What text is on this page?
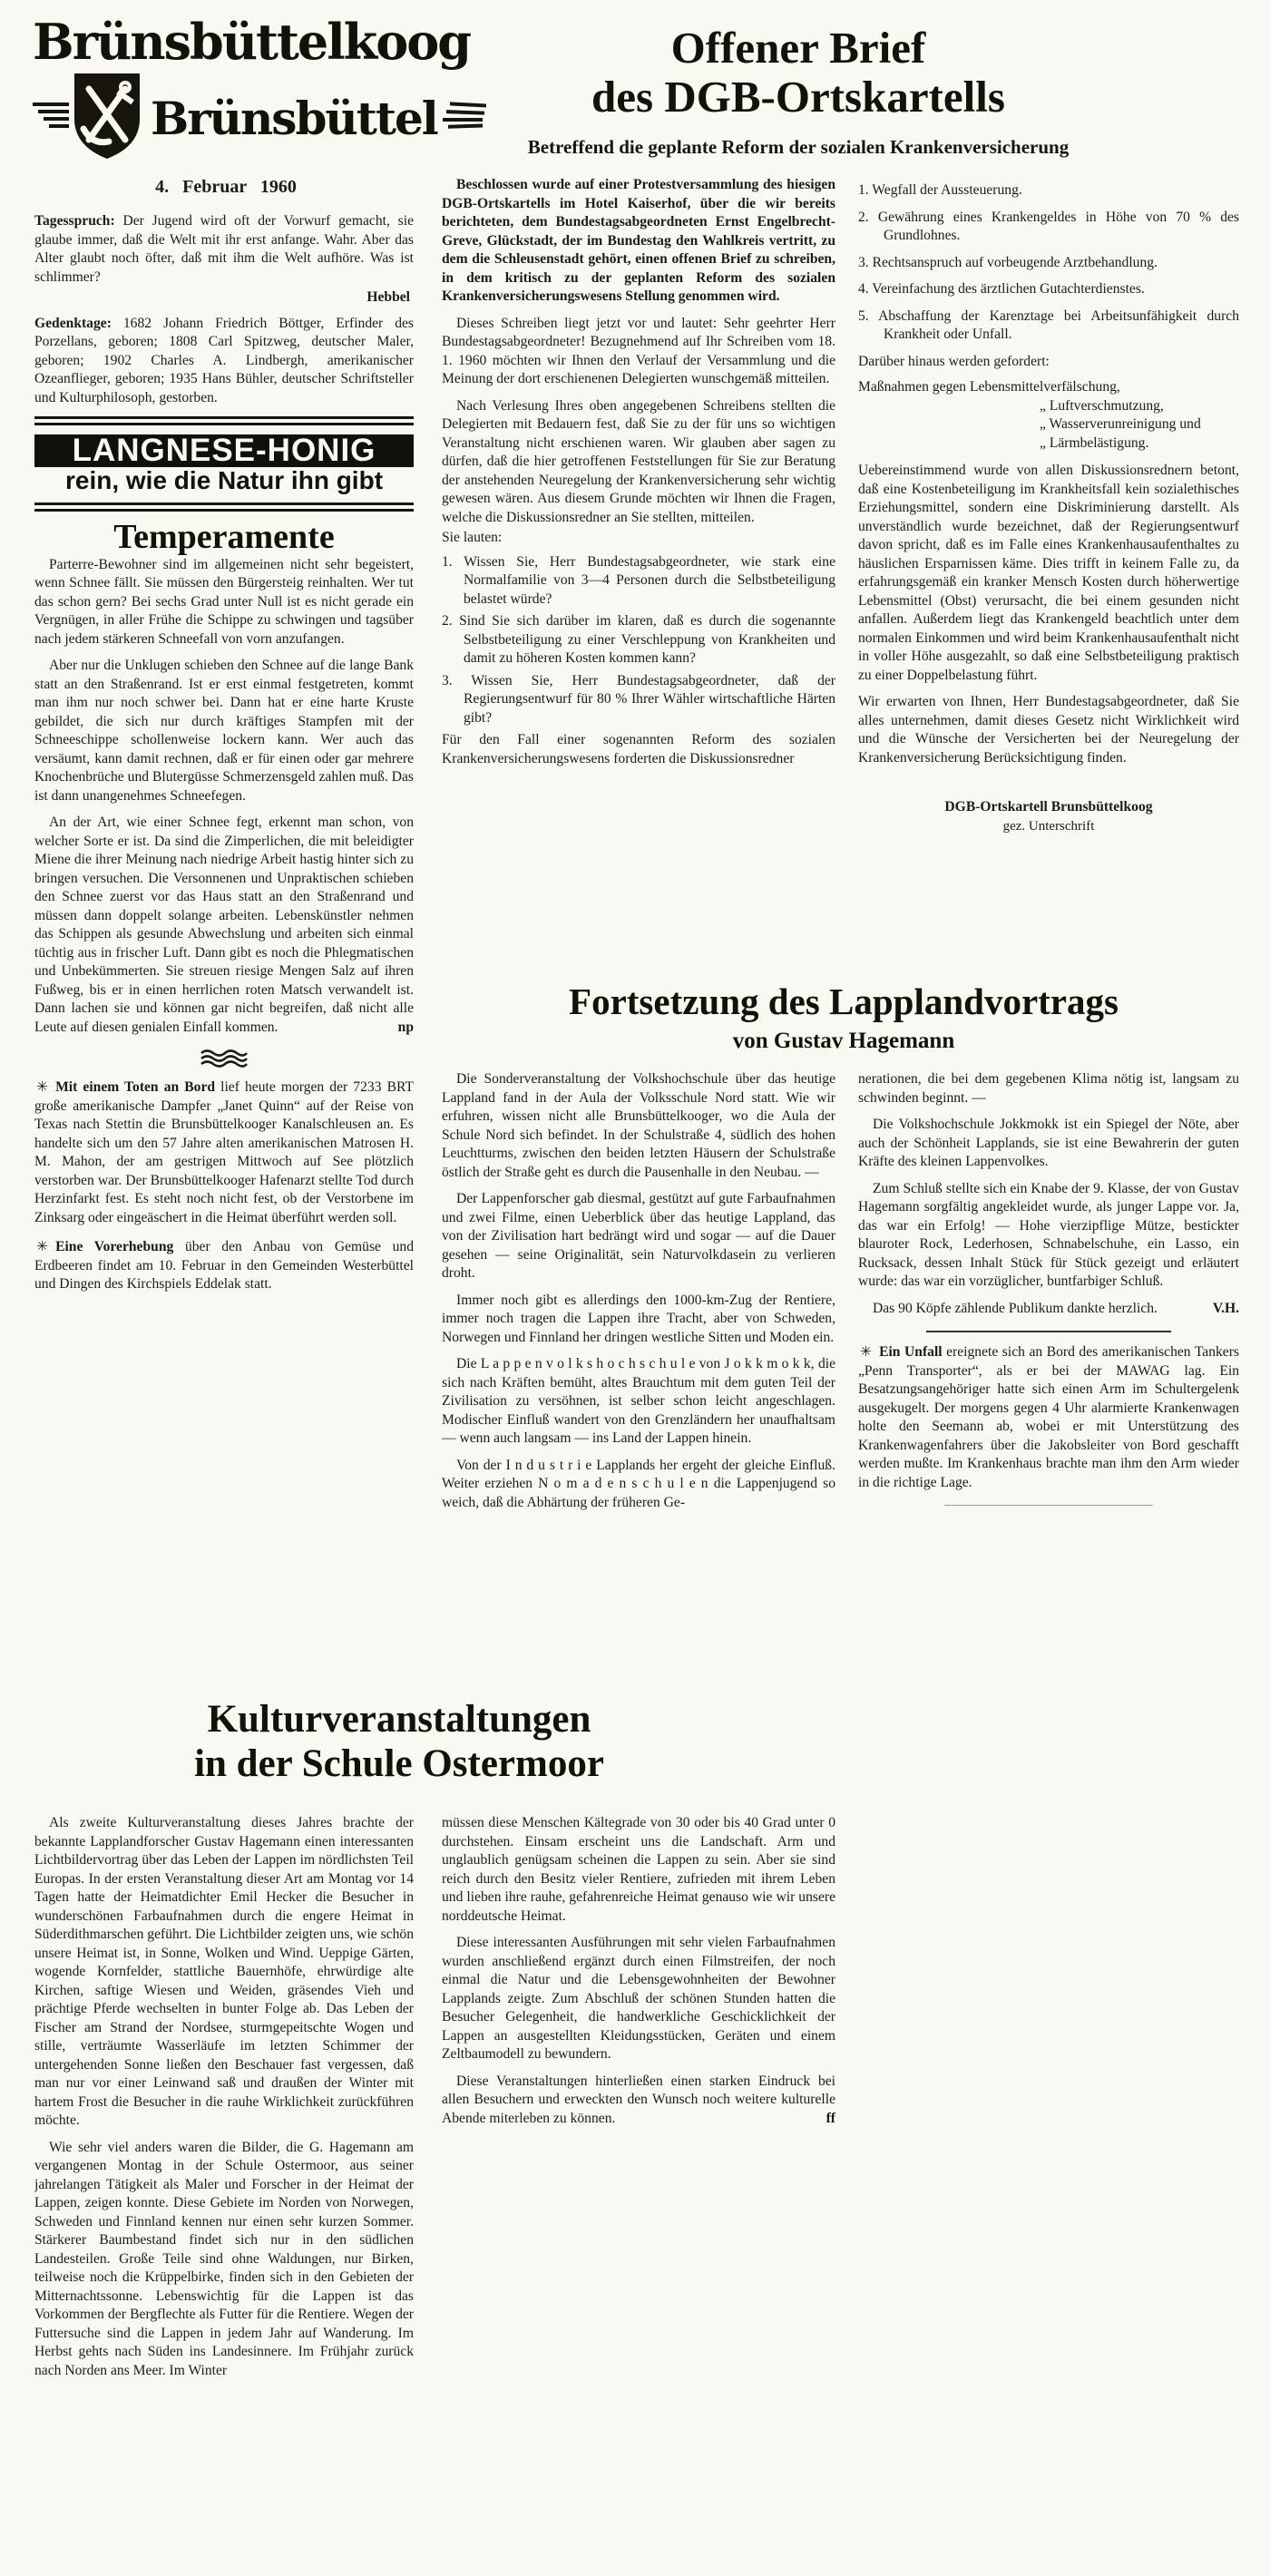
Brünsbüttelkoog
Brünsbüttel
4. Februar 1960

Tagesspruch: Der Jugend wird oft der Vorwurf gemacht, sie glaube immer, daß die Welt mit ihr erst anfange. Wahr. Aber das Alter glaubt noch öfter, daß mit ihm die Welt aufhöre. Was ist schlimmer?

Hebbel

Gedenktage: 1682 Johann Friedrich Böttger, Erfinder des Porzellans, geboren; 1808 Carl Spitzweg, deutscher Maler, geboren; 1902 Charles A. Lindbergh, amerikanischer Ozeanflieger, geboren; 1935 Hans Bühler, deutscher Schriftsteller und Kulturphilosoph, gestorben.

LANGNESE-HONIG
rein, wie die Natur ihn gibt
Temperamente

Parterre-Bewohner sind im allgemeinen nicht sehr begeistert, wenn Schnee fällt. Sie müssen den Bürgersteig reinhalten. Wer tut das schon gern? Bei sechs Grad unter Null ist es nicht gerade ein Vergnügen, in aller Frühe die Schippe zu schwingen und tagsüber nach jedem stärkeren Schneefall von vorn anzufangen.

Aber nur die Unklugen schieben den Schnee auf die lange Bank statt an den Straßenrand. Ist er erst einmal festgetreten, kommt man ihm nur noch schwer bei. Dann hat er eine harte Kruste gebildet, die sich nur durch kräftiges Stampfen mit der Schneeschippe schollenweise lockern kann. Wer auch das versäumt, kann damit rechnen, daß er für einen oder gar mehrere Knochenbrüche und Blutergüsse Schmerzensgeld zahlen muß. Das ist dann unangenehmes Schneefegen.

An der Art, wie einer Schnee fegt, erkennt man schon, von welcher Sorte er ist. Da sind die Zimperlichen, die mit beleidigter Miene die ihrer Meinung nach niedrige Arbeit hastig hinter sich zu bringen versuchen. Die Versonnenen und Unpraktischen schieben den Schnee zuerst vor das Haus statt an den Straßenrand und müssen dann doppelt solange arbeiten. Lebenskünstler nehmen das Schippen als gesunde Abwechslung und arbeiten sich einmal tüchtig aus in frischer Luft. Dann gibt es noch die Phlegmatischen und Unbekümmerten. Sie streuen riesige Mengen Salz auf ihren Fußweg, bis er in einen herrlichen roten Matsch verwandelt ist. Dann lachen sie und können gar nicht begreifen, daß nicht alle Leute auf diesen genialen Einfall kommen.	np

✳ Mit einem Toten an Bord lief heute morgen der 7233 BRT große amerikanische Dampfer „Janet Quinn“ auf der Reise von Texas nach Stettin die Brunsbüttelkooger Kanalschleusen an. Es handelte sich um den 57 Jahre alten amerikanischen Matrosen H. M. Mahon, der am gestrigen Mittwoch auf See plötzlich verstorben war. Der Brunsbüttelkooger Hafenarzt stellte Tod durch Herzinfarkt fest. Es steht noch nicht fest, ob der Verstorbene im Zinksarg oder eingeäschert in die Heimat überführt werden soll.

✳ Eine Vorerhebung über den Anbau von Gemüse und Erdbeeren findet am 10. Februar in den Gemeinden Westerbüttel und Dingen des Kirchspiels Eddelak statt.

Offener Brief
des DGB-Ortskartells
Betreffend die geplante Reform der sozialen Krankenversicherung

Beschlossen wurde auf einer Protestversammlung des hiesigen DGB-Ortskartells im Hotel Kaiserhof, über die wir bereits berichteten, dem Bundestagsabgeordneten Ernst Engelbrecht-Greve, Glückstadt, der im Bundestag den Wahlkreis vertritt, zu dem die Schleusenstadt gehört, einen offenen Brief zu schreiben, in dem kritisch zu der geplanten Reform des sozialen Krankenversicherungswesens Stellung genommen wird.

Dieses Schreiben liegt jetzt vor und lautet: Sehr geehrter Herr Bundestagsabgeordneter! Bezugnehmend auf Ihr Schreiben vom 18. 1. 1960 möchten wir Ihnen den Verlauf der Versammlung und die Meinung der dort erschienenen Delegierten wunschgemäß mitteilen.

Nach Verlesung Ihres oben angegebenen Schreibens stellten die Delegierten mit Bedauern fest, daß Sie zu der für uns so wichtigen Veranstaltung nicht erschienen waren. Wir glauben aber sagen zu dürfen, daß die hier getroffenen Feststellungen für Sie zur Beratung der anstehenden Neuregelung der Krankenversicherung sehr wichtig gewesen wären. Aus diesem Grunde möchten wir Ihnen die Fragen, welche die Diskussionsredner an Sie stellten, mitteilen.

Sie lauten:
1. Wissen Sie, Herr Bundestagsabgeordneter, wie stark eine Normalfamilie von 3—4 Personen durch die Selbstbeteiligung belastet würde?
2. Sind Sie sich darüber im klaren, daß es durch die sogenannte Selbstbeteiligung zu einer Verschleppung von Krankheiten und damit zu höheren Kosten kommen kann?
3. Wissen Sie, Herr Bundestagsabgeordneter, daß der Regierungsentwurf für 80 % Ihrer Wähler wirtschaftliche Härten gibt?

Für den Fall einer sogenannten Reform des sozialen Krankenversicherungswesens forderten die Diskussionsredner

1. Wegfall der Aussteuerung.
2. Gewährung eines Krankengeldes in Höhe von 70 % des Grundlohnes.
3. Rechtsanspruch auf vorbeugende Arztbehandlung.
4. Vereinfachung des ärztlichen Gutachterdienstes.
5. Abschaffung der Karenztage bei Arbeitsunfähigkeit durch Krankheit oder Unfall.
Darüber hinaus werden gefordert:
Maßnahmen gegen Lebensmittelverfälschung,
„ Luftverschmutzung,
„ Wasserverunreinigung und
„ Lärmbelästigung.

Uebereinstimmend wurde von allen Diskussionsrednern betont, daß eine Kostenbeteiligung im Krankheitsfall kein sozialethisches Erziehungsmittel, sondern eine Diskriminierung darstellt. Als unverständlich wurde bezeichnet, daß der Regierungsentwurf davon spricht, daß es im Falle eines Krankenhausaufenthaltes zu häuslichen Ersparnissen käme. Dies trifft in keinem Falle zu, da erfahrungsgemäß ein kranker Mensch Kosten durch höherwertige Lebensmittel (Obst) verursacht, die bei einem gesunden nicht anfallen. Außerdem liegt das Krankengeld beachtlich unter dem normalen Einkommen und wird beim Krankenhausaufenthalt nicht in voller Höhe ausgezahlt, so daß eine Selbstbeteiligung praktisch zu einer Doppelbelastung führt.

Wir erwarten von Ihnen, Herr Bundestagsabgeordneter, daß Sie alles unternehmen, damit dieses Gesetz nicht Wirklichkeit wird und die Wünsche der Versicherten bei der Neuregelung der Krankenversicherung Berücksichtigung finden.

DGB-Ortskartell Brunsbüttelkoog
gez. Unterschrift
Fortsetzung des Lapplandvortrags
von Gustav Hagemann

Die Sonderveranstaltung der Volkshochschule über das heutige Lappland fand in der Aula der Volksschule Nord statt. Wie wir erfuhren, wissen nicht alle Brunsbüttelkooger, wo die Aula der Schule Nord sich befindet. In der Schulstraße 4, südlich des hohen Leuchtturms, zwischen den beiden letzten Häusern der Schulstraße östlich der Straße geht es durch die Pausenhalle in den Neubau. —

Der Lappenforscher gab diesmal, gestützt auf gute Farbaufnahmen und zwei Filme, einen Ueberblick über das heutige Lappland, das von der Zivilisation hart bedrängt wird und sogar — auf die Dauer gesehen — seine Originalität, sein Naturvolkdasein zu verlieren droht.

Immer noch gibt es allerdings den 1000-km-Zug der Rentiere, immer noch tragen die Lappen ihre Tracht, aber von Schweden, Norwegen und Finnland her dringen westliche Sitten und Moden ein.

Die L a p p e n v o l k s h o c h s c h u l e von J o k k m o k k, die sich nach Kräften bemüht, altes Brauchtum mit dem guten Teil der Zivilisation zu versöhnen, ist selber schon leicht angeschlagen. Modischer Einfluß wandert von den Grenzländern her unaufhaltsam — wenn auch langsam — ins Land der Lappen hinein.

Von der I n d u s t r i e Lapplands her ergeht der gleiche Einfluß. Weiter erziehen N o m a d e n s c h u l e n die Lappenjugend so weich, daß die Abhärtung der früheren Ge-

nerationen, die bei dem gegebenen Klima nötig ist, langsam zu schwinden beginnt. —

Die Volkshochschule Jokkmokk ist ein Spiegel der Nöte, aber auch der Schönheit Lapplands, sie ist eine Bewahrerin der guten Kräfte des kleinen Lappenvolkes.

Zum Schluß stellte sich ein Knabe der 9. Klasse, der von Gustav Hagemann sorgfältig angekleidet wurde, als junger Lappe vor. Ja, das war ein Erfolg! — Hohe vierzipflige Mütze, bestickter blauroter Rock, Lederhosen, Schnabelschuhe, ein Lasso, ein Rucksack, dessen Inhalt Stück für Stück gezeigt und erläutert wurde: das war ein vorzüglicher, buntfarbiger Schluß.

Das 90 Köpfe zählende Publikum dankte herzlich.	V.H.

✳ Ein Unfall ereignete sich an Bord des amerikanischen Tankers „Penn Transporter“, als er bei der MAWAG lag. Ein Besatzungsangehöriger hatte sich einen Arm im Schultergelenk ausgekugelt. Der morgens gegen 4 Uhr alarmierte Krankenwagen holte den Seemann ab, wobei er mit Unterstützung des Krankenwagenfahrers über die Jakobsleiter von Bord geschafft werden mußte. Im Krankenhaus brachte man ihm den Arm wieder in die richtige Lage.

Kulturveranstaltungen
in der Schule Ostermoor

Als zweite Kulturveranstaltung dieses Jahres brachte der bekannte Lapplandforscher Gustav Hagemann einen interessanten Lichtbildervortrag über das Leben der Lappen im nördlichsten Teil Europas. In der ersten Veranstaltung dieser Art am Montag vor 14 Tagen hatte der Heimatdichter Emil Hecker die Besucher in wunderschönen Farbaufnahmen durch die engere Heimat in Süderdithmarschen geführt. Die Lichtbilder zeigten uns, wie schön unsere Heimat ist, in Sonne, Wolken und Wind. Ueppige Gärten, wogende Kornfelder, stattliche Bauernhöfe, ehrwürdige alte Kirchen, saftige Wiesen und Weiden, gräsendes Vieh und prächtige Pferde wechselten in bunter Folge ab. Das Leben der Fischer am Strand der Nordsee, sturmgepeitschte Wogen und stille, verträumte Wasserläufe im letzten Schimmer der untergehenden Sonne ließen den Beschauer fast vergessen, daß man nur vor einer Leinwand saß und draußen der Winter mit hartem Frost die Besucher in die rauhe Wirklichkeit zurückführen möchte.

Wie sehr viel anders waren die Bilder, die G. Hagemann am vergangenen Montag in der Schule Ostermoor, aus seiner jahrelangen Tätigkeit als Maler und Forscher in der Heimat der Lappen, zeigen konnte. Diese Gebiete im Norden von Norwegen, Schweden und Finnland kennen nur einen sehr kurzen Sommer. Stärkerer Baumbestand findet sich nur in den südlichen Landesteilen. Große Teile sind ohne Waldungen, nur Birken, teilweise noch die Krüppelbirke, finden sich in den Gebieten der Mitternachtssonne. Lebenswichtig für die Lappen ist das Vorkommen der Bergflechte als Futter für die Rentiere. Wegen der Futtersuche sind die Lappen in jedem Jahr auf Wanderung. Im Herbst gehts nach Süden ins Landesinnere. Im Frühjahr zurück nach Norden ans Meer. Im Winter

müssen diese Menschen Kältegrade von 30 oder bis 40 Grad unter 0 durchstehen. Einsam erscheint uns die Landschaft. Arm und unglaublich genügsam scheinen die Lappen zu sein. Aber sie sind reich durch den Besitz vieler Rentiere, zufrieden mit ihrem Leben und lieben ihre rauhe, gefahrenreiche Heimat genauso wie wir unsere norddeutsche Heimat.

Diese interessanten Ausführungen mit sehr vielen Farbaufnahmen wurden anschließend ergänzt durch einen Filmstreifen, der noch einmal die Natur und die Lebensgewohnheiten der Bewohner Lapplands zeigte. Zum Abschluß der schönen Stunden hatten die Besucher Gelegenheit, die handwerkliche Geschicklichkeit der Lappen an ausgestellten Kleidungsstücken, Geräten und einem Zeltbaumodell zu bewundern.

Diese Veranstaltungen hinterließen einen starken Eindruck bei allen Besuchern und erweckten den Wunsch noch weitere kulturelle Abende miterleben zu können.	ff
